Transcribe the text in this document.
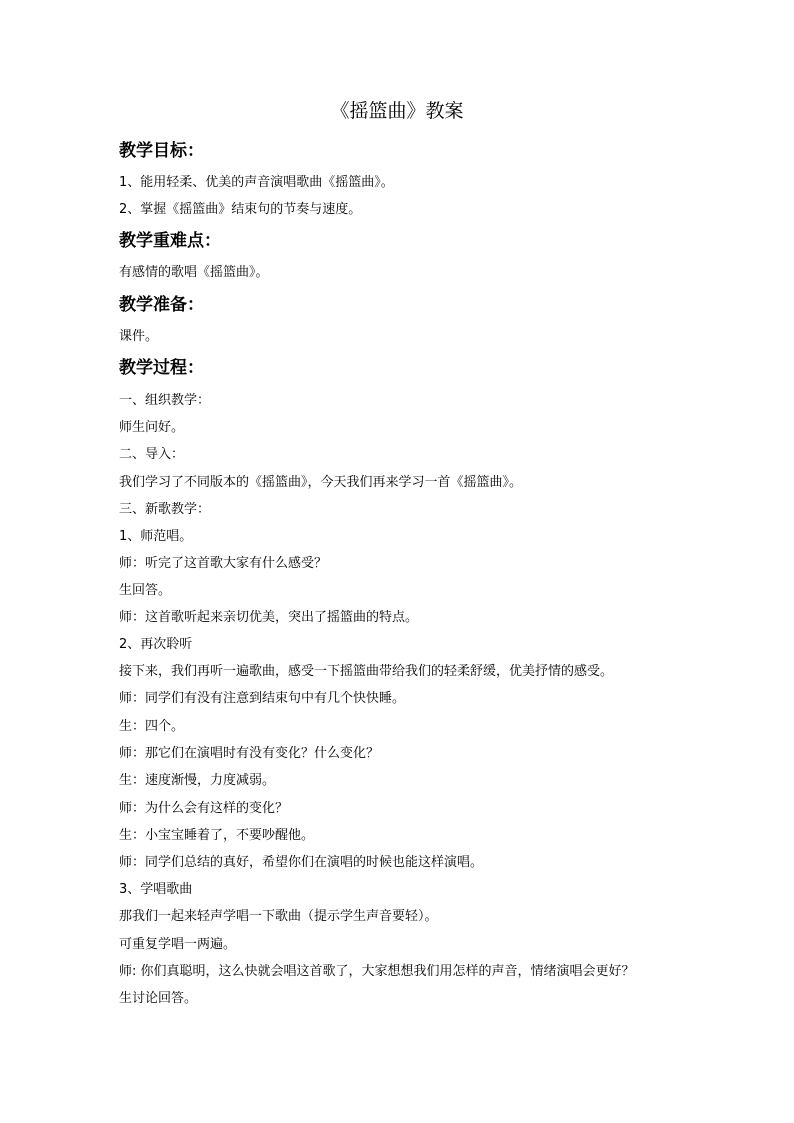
《摇篮曲》教案
教学目标：
1、能用轻柔、优美的声音演唱歌曲《摇篮曲》。
2、掌握《摇篮曲》结束句的节奏与速度。
教学重难点：
有感情的歌唱《摇篮曲》。
教学准备：
课件。
教学过程：
一、组织教学：
师生问好。
二、导入：
我们学习了不同版本的《摇篮曲》，今天我们再来学习一首《摇篮曲》。
三、新歌教学：
1、师范唱。
师：听完了这首歌大家有什么感受？
生回答。
师：这首歌听起来亲切优美，突出了摇篮曲的特点。
2、再次聆听
接下来，我们再听一遍歌曲，感受一下摇篮曲带给我们的轻柔舒缓，优美抒情的感受。
师：同学们有没有注意到结束句中有几个快快睡。
生：四个。
师：那它们在演唱时有没有变化？什么变化？
生：速度渐慢，力度减弱。
师：为什么会有这样的变化？
生：小宝宝睡着了，不要吵醒他。
师：同学们总结的真好，希望你们在演唱的时候也能这样演唱。
3、学唱歌曲
那我们一起来轻声学唱一下歌曲（提示学生声音要轻）。
可重复学唱一两遍。
师: 你们真聪明，这么快就会唱这首歌了，大家想想我们用怎样的声音，情绪演唱会更好？
生讨论回答。
